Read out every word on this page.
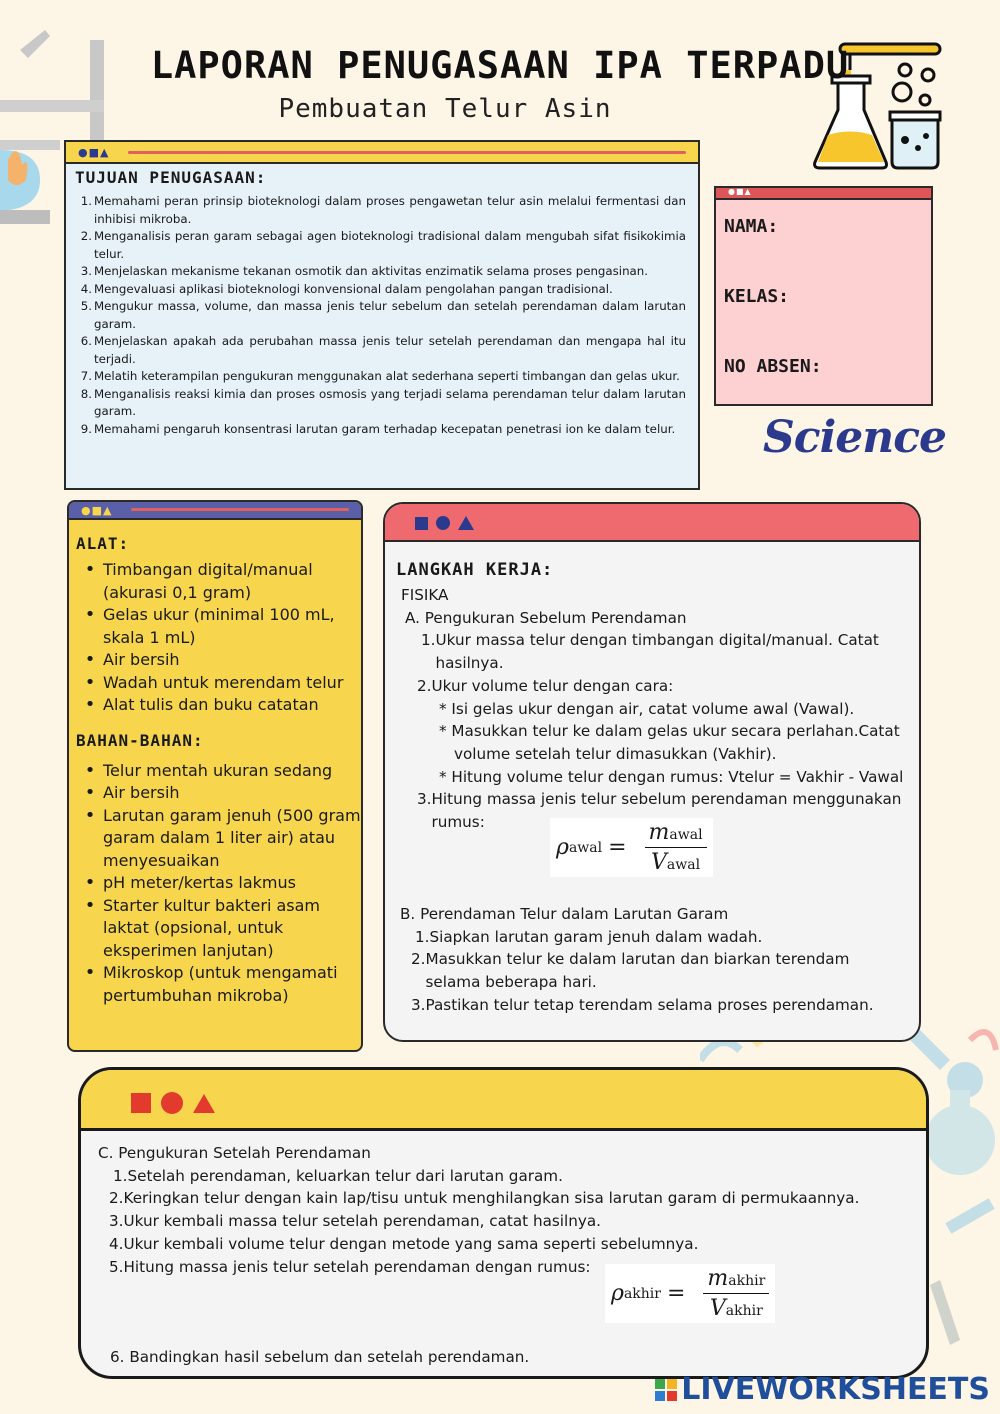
LAPORAN PENUGASAAN IPA TERPADU
Pembuatan Telur Asin
●■▲
TUJUAN PENUGASAAN:
1. Memahami peran prinsip bioteknologi dalam proses pengawetan telur asin melalui fermentasi dan inhibisi mikroba.
2. Menganalisis peran garam sebagai agen bioteknologi tradisional dalam mengubah sifat fisikokimia telur.
3. Menjelaskan mekanisme tekanan osmotik dan aktivitas enzimatik selama proses pengasinan.
4. Mengevaluasi aplikasi bioteknologi konvensional dalam pengolahan pangan tradisional.
5. Mengukur massa, volume, dan massa jenis telur sebelum dan setelah perendaman dalam larutan garam.
6. Menjelaskan apakah ada perubahan massa jenis telur setelah perendaman dan mengapa hal itu terjadi.
7. Melatih keterampilan pengukuran menggunakan alat sederhana seperti timbangan dan gelas ukur.
8. Menganalisis reaksi kimia dan proses osmosis yang terjadi selama perendaman telur dalam larutan garam.
9. Memahami pengaruh konsentrasi larutan garam terhadap kecepatan penetrasi ion ke dalam telur.
●■▲
NAMA:
KELAS:
NO ABSEN:
Science
●■▲
ALAT:
• Timbangan digital/manual (akurasi 0,1 gram)
• Gelas ukur (minimal 100 mL, skala 1 mL)
• Air bersih
• Wadah untuk merendam telur
• Alat tulis dan buku catatan
BAHAN-BAHAN:
• Telur mentah ukuran sedang
• Air bersih
• Larutan garam jenuh (500 gram garam dalam 1 liter air) atau menyesuaikan
• pH meter/kertas lakmus
• Starter kultur bakteri asam laktat (opsional, untuk eksperimen lanjutan)
• Mikroskop (untuk mengamati pertumbuhan mikroba)
LANGKAH KERJA:
FISIKA
A. Pengukuran Sebelum Perendaman
1. Ukur massa telur dengan timbangan digital/manual. Catat hasilnya.
2. Ukur volume telur dengan cara:
* Isi gelas ukur dengan air, catat volume awal (Vawal).
* Masukkan telur ke dalam gelas ukur secara perlahan.Catat volume setelah telur dimasukkan (Vakhir).
* Hitung volume telur dengan rumus: Vtelur = Vakhir - Vawal
3. Hitung massa jenis telur sebelum perendaman menggunakan rumus:
ρ awal = $\frac{\text{mawal}}{\text{Vawal}}$
B. Perendaman Telur dalam Larutan Garam
1. Siapkan larutan garam jenuh dalam wadah.
2. Masukkan telur ke dalam larutan dan biarkan terendam selama beberapa hari.
3. Pastikan telur tetap terendam selama proses perendaman.
C. Pengukuran Setelah Perendaman
1. Setelah perendaman, keluarkan telur dari larutan garam.
2. Keringkan telur dengan kain lap/tisu untuk menghilangkan sisa larutan garam di permukaannya.
3. Ukur kembali massa telur setelah perendaman, catat hasilnya.
4. Ukur kembali volume telur dengan metode yang sama seperti sebelumnya.
5. Hitung massa jenis telur setelah perendaman dengan rumus:
ρ akhir = $\frac{\text{makhir}}{\text{Vakhir}}$
6. Bandingkan hasil sebelum dan setelah perendaman.
LIVEWORKSHEETS
